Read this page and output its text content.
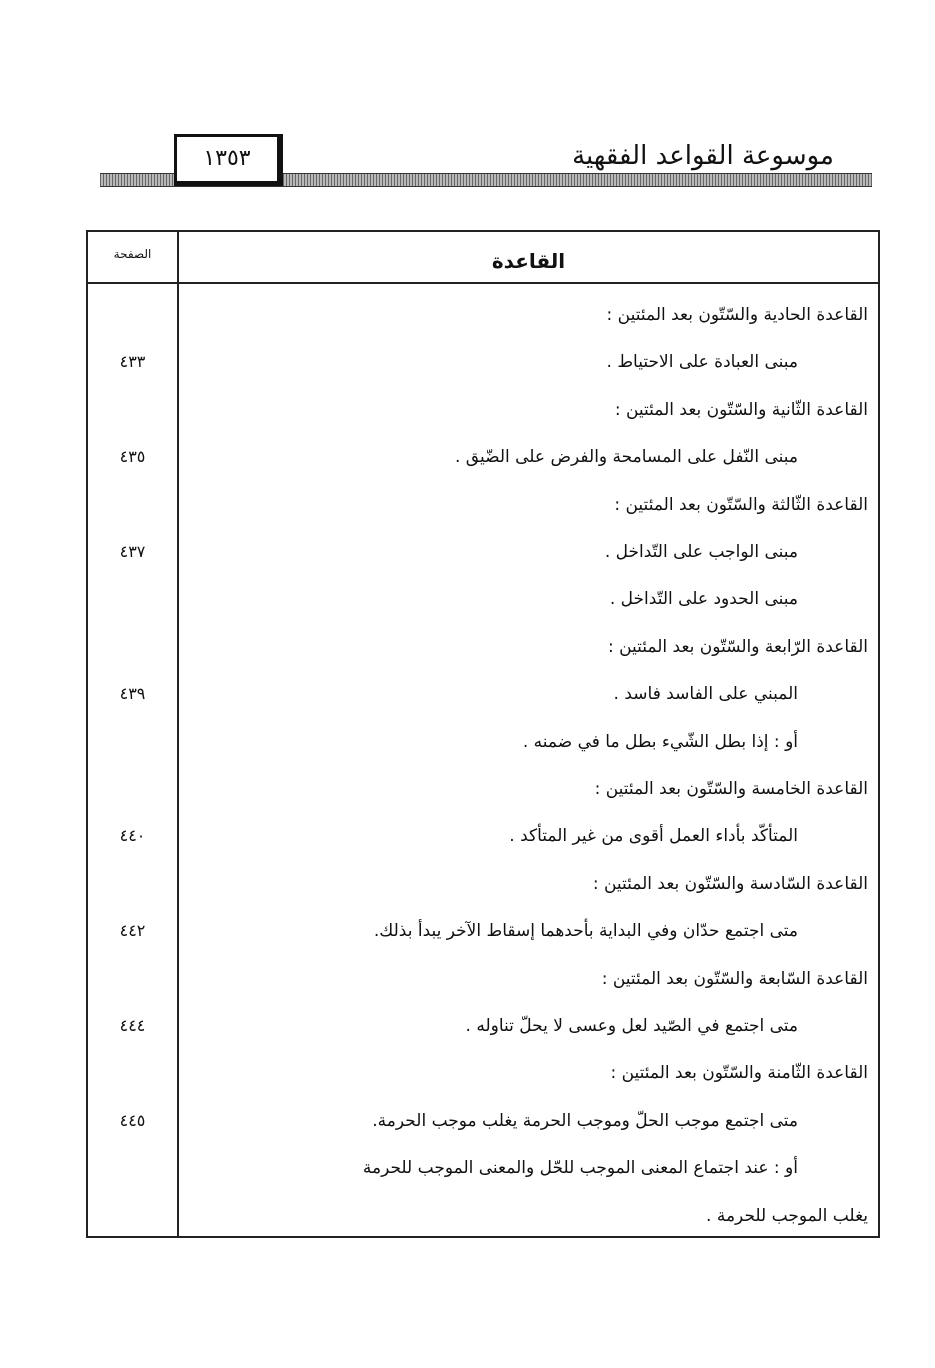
موسوعة القواعد الفقهية
١٣٥٣
القاعدة
الصفحة
القاعدة الحادية والسّتّون بعد المئتين :
مبنى العبادة على الاحتياط .
٤٣٣
القاعدة الثّانية والسّتّون بعد المئتين :
مبنى النّفل على المسامحة والفرض على الضّيق .
٤٣٥
القاعدة الثّالثة والسّتّون بعد المئتين :
مبنى الواجب على التّداخل .
٤٣٧
مبنى الحدود على التّداخل .
القاعدة الرّابعة والسّتّون بعد المئتين :
المبني على الفاسد فاسد .
٤٣٩
أو : إذا بطل الشّيء بطل ما في ضمنه .
القاعدة الخامسة والسّتّون بعد المئتين :
المتأكّد بأداء العمل أقوى من غير المتأكد .
٤٤٠
القاعدة السّادسة والسّتّون بعد المئتين :
متى اجتمع حدّان وفي البداية بأحدهما إسقاط الآخر يبدأ بذلك.
٤٤٢
القاعدة السّابعة والسّتّون بعد المئتين :
متى اجتمع في الصّيد لعل وعسى لا يحلّ تناوله .
٤٤٤
القاعدة الثّامنة والسّتّون بعد المئتين :
متى اجتمع موجب الحلّ وموجب الحرمة يغلب موجب الحرمة.
٤٤٥
أو : عند اجتماع المعنى الموجب للحّل والمعنى الموجب للحرمة
يغلب الموجب للحرمة .
